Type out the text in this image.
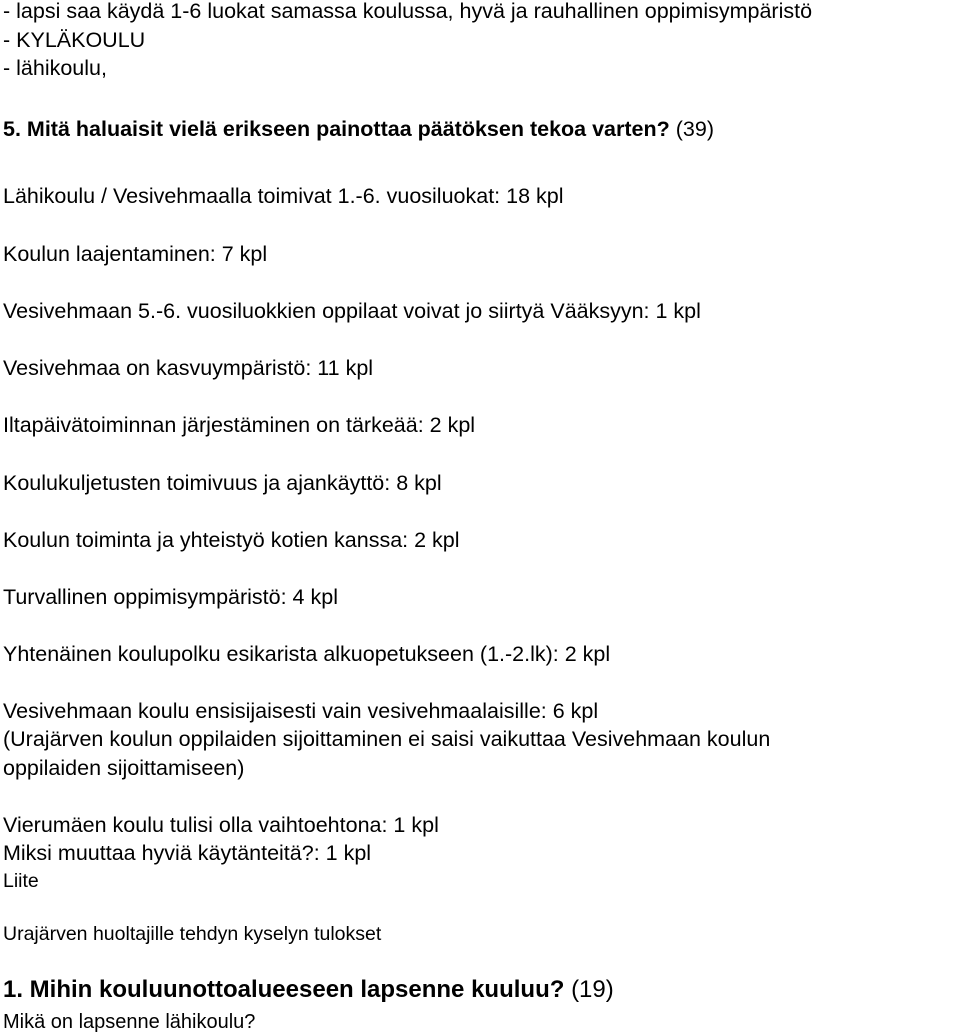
- lapsi saa käydä 1-6 luokat samassa koulussa, hyvä ja rauhallinen oppimisympäristö
- KYLÄKOULU
- lähikoulu,
5. Mitä haluaisit vielä erikseen painottaa päätöksen tekoa varten? (39)
Lähikoulu / Vesivehmaalla toimivat 1.-6. vuosiluokat: 18 kpl
Koulun laajentaminen: 7 kpl
Vesivehmaan 5.-6. vuosiluokkien oppilaat voivat jo siirtyä Vääksyyn: 1 kpl
Vesivehmaa on kasvuympäristö: 11 kpl
Iltapäivätoiminnan järjestäminen on tärkeää: 2 kpl
Koulukuljetusten toimivuus ja ajankäyttö: 8 kpl
Koulun toiminta ja yhteistyö kotien kanssa: 2 kpl
Turvallinen oppimisympäristö: 4 kpl
Yhtenäinen koulupolku esikarista alkuopetukseen (1.-2.lk): 2 kpl
Vesivehmaan koulu ensisijaisesti vain vesivehmaalaisille: 6 kpl
(Urajärven koulun oppilaiden sijoittaminen ei saisi vaikuttaa Vesivehmaan koulun
oppilaiden sijoittamiseen)
Vierumäen koulu tulisi olla vaihtoehtona: 1 kpl
Miksi muuttaa hyviä käytänteitä?: 1 kpl
Liite
Urajärven huoltajille tehdyn kyselyn tulokset
1. Mihin kouluunottoalueeseen lapsenne kuuluu? (19)
Mikä on lapsenne lähikoulu?
